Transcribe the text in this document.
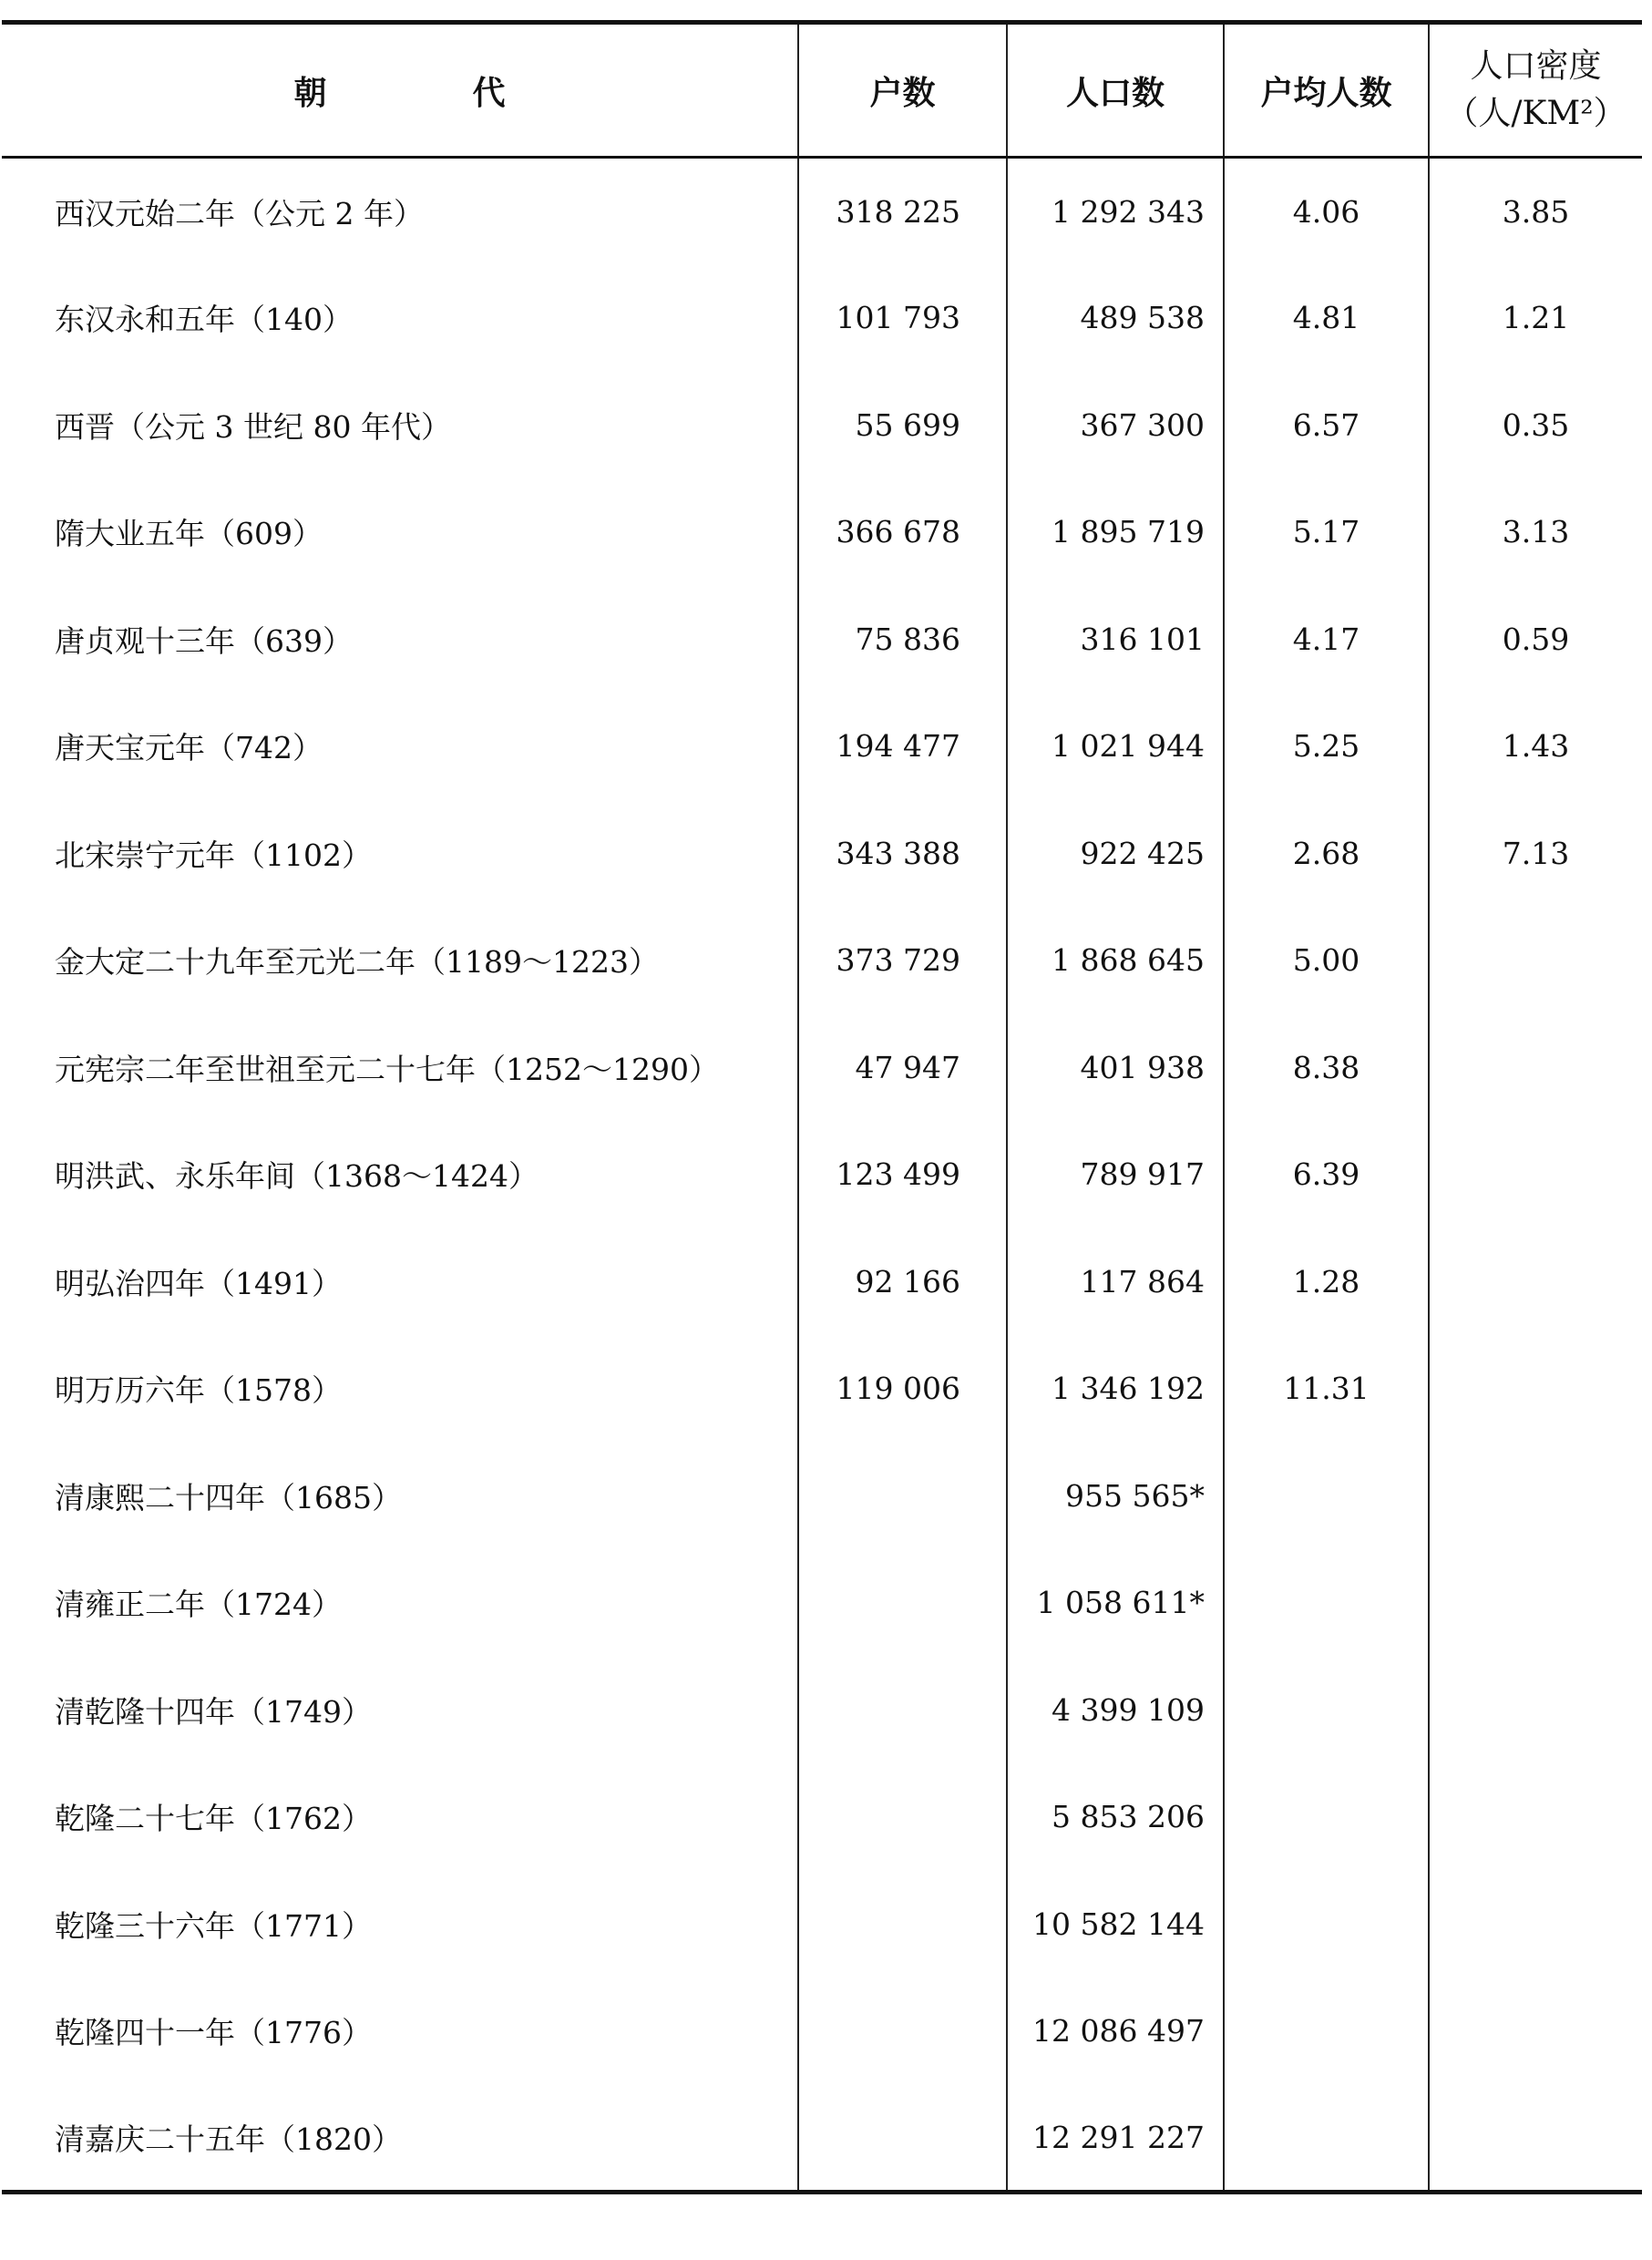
朝 代	户数	人口数	户均人数	人口密度
（人/KM²）

西汉元始二年（公元 2 年）	318 225	1 292 343	4.06	3.85
东汉永和五年（140）	101 793	489 538	4.81	1.21
西晋（公元 3 世纪 80 年代）	55 699	367 300	6.57	0.35
隋大业五年（609）	366 678	1 895 719	5.17	3.13
唐贞观十三年（639）	75 836	316 101	4.17	0.59
唐天宝元年（742）	194 477	1 021 944	5.25	1.43
北宋崇宁元年（1102）	343 388	922 425	2.68	7.13
金大定二十九年至元光二年（1189～1223）	373 729	1 868 645	5.00	
元宪宗二年至世祖至元二十七年（1252～1290）	47 947	401 938	8.38	
明洪武、永乐年间（1368～1424）	123 499	789 917	6.39	
明弘治四年（1491）	92 166	117 864	1.28	
明万历六年（1578）	119 006	1 346 192	11.31	
清康熙二十四年（1685）		955 565*		
清雍正二年（1724）		1 058 611*		
清乾隆十四年（1749）		4 399 109		
乾隆二十七年（1762）		5 853 206		
乾隆三十六年（1771）		10 582 144		
乾隆四十一年（1776）		12 086 497		
清嘉庆二十五年（1820）		12 291 227		
